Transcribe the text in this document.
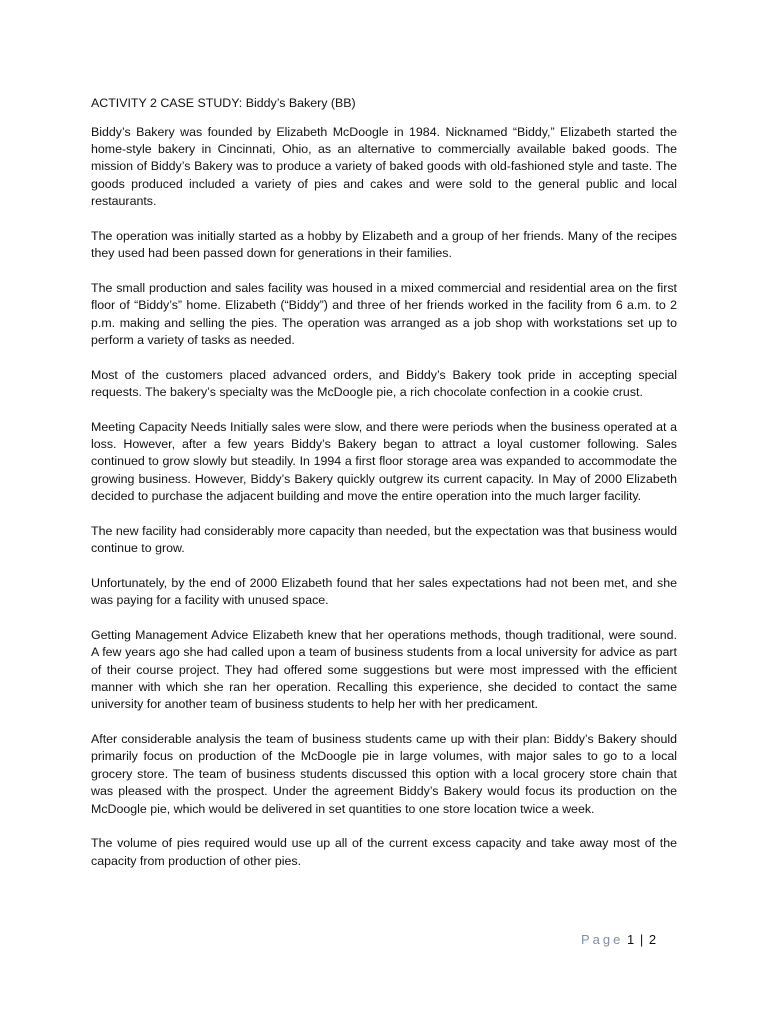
ACTIVITY 2 CASE STUDY: Biddy’s Bakery (BB)

Biddy’s Bakery was founded by Elizabeth McDoogle in 1984. Nicknamed “Biddy,” Elizabeth started the home-style bakery in Cincinnati, Ohio, as an alternative to commercially available baked goods. The mission of Biddy’s Bakery was to produce a variety of baked goods with old-fashioned style and taste. The goods produced included a variety of pies and cakes and were sold to the general public and local restaurants.

The operation was initially started as a hobby by Elizabeth and a group of her friends. Many of the recipes they used had been passed down for generations in their families.

The small production and sales facility was housed in a mixed commercial and residential area on the first floor of “Biddy’s” home. Elizabeth (“Biddy”) and three of her friends worked in the facility from 6 a.m. to 2 p.m. making and selling the pies. The operation was arranged as a job shop with workstations set up to perform a variety of tasks as needed.

Most of the customers placed advanced orders, and Biddy’s Bakery took pride in accepting special requests. The bakery’s specialty was the McDoogle pie, a rich chocolate confection in a cookie crust.

Meeting Capacity Needs Initially sales were slow, and there were periods when the business operated at a loss. However, after a few years Biddy’s Bakery began to attract a loyal customer following. Sales continued to grow slowly but steadily. In 1994 a first floor storage area was expanded to accommodate the growing business. However, Biddy’s Bakery quickly outgrew its current capacity. In May of 2000 Elizabeth decided to purchase the adjacent building and move the entire operation into the much larger facility.

The new facility had considerably more capacity than needed, but the expectation was that business would continue to grow.

Unfortunately, by the end of 2000 Elizabeth found that her sales expectations had not been met, and she was paying for a facility with unused space.

Getting Management Advice Elizabeth knew that her operations methods, though traditional, were sound. A few years ago she had called upon a team of business students from a local university for advice as part of their course project. They had offered some suggestions but were most impressed with the efficient manner with which she ran her operation. Recalling this experience, she decided to contact the same university for another team of business students to help her with her predicament.

After considerable analysis the team of business students came up with their plan: Biddy’s Bakery should primarily focus on production of the McDoogle pie in large volumes, with major sales to go to a local grocery store. The team of business students discussed this option with a local grocery store chain that was pleased with the prospect. Under the agreement Biddy’s Bakery would focus its production on the McDoogle pie, which would be delivered in set quantities to one store location twice a week.

The volume of pies required would use up all of the current excess capacity and take away most of the capacity from production of other pies.

Page 1 | 2
